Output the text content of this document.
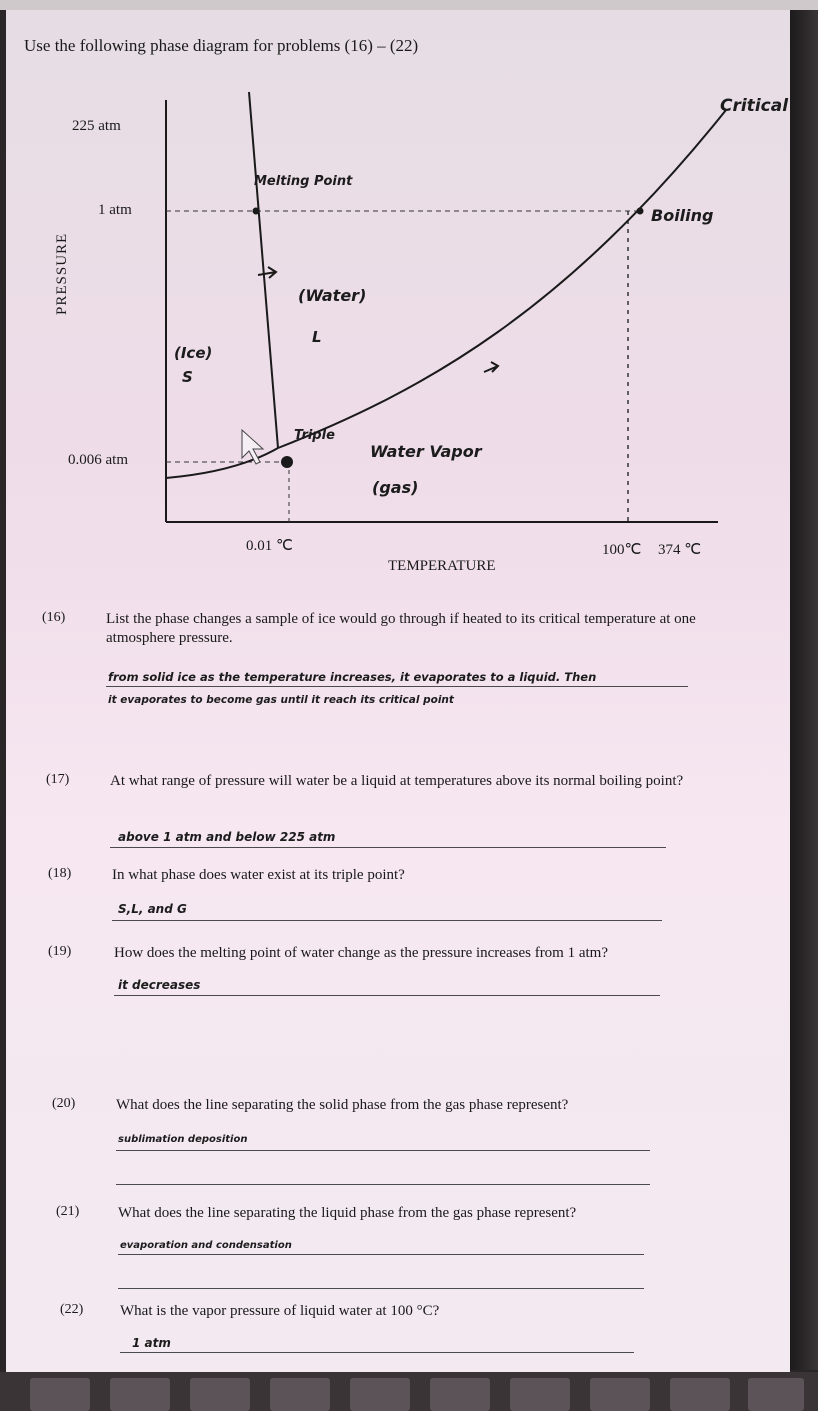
Use the following phase diagram for problems (16) – (22)
225 atm
1 atm
0.006 atm
PRESSURE
0.01 ℃	100℃ 374 ℃
TEMPERATURE
Critical
Melting Point
Boiling
(Water)
L
(Ice)
S
Triple
Water Vapor
(gas)
(16)	List the phase changes a sample of ice would go through if heated to its critical temperature at one atmosphere pressure.
from solid ice as the temperature increases, it evaporates to a liquid. Then
it evaporates to become gas until it reach its critical point
(17)	At what range of pressure will water be a liquid at temperatures above its normal boiling point?
above 1 atm and below 225 atm
(18)	In what phase does water exist at its triple point?
S,L, and G
(19)	How does the melting point of water change as the pressure increases from 1 atm?
it decreases
(20)	What does the line separating the solid phase from the gas phase represent?
sublimation deposition
(21)	What does the line separating the liquid phase from the gas phase represent?
evaporation and condensation
(22) What is the vapor pressure of liquid water at 100 °C?
1 atm
